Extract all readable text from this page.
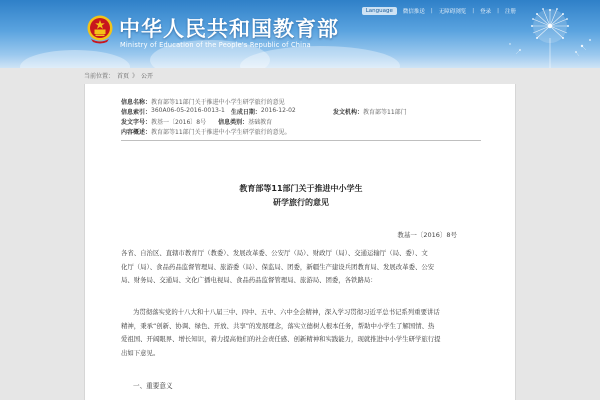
中华人民共和国教育部
Ministry of Education of the People's Republic of China
Language	微信推送 | 无障碍浏览 | 登录 | 注册
当前位置： 首页 》 公开
信息名称： 教育部等11部门关于推进中小学生研学旅行的意见
信息索引： 360A06-05-2016-0013-1 生成日期： 2016-12-02	发文机构： 教育部等11部门
发文字号： 教基一〔2016〕8号 信息类别： 基础教育
内容概述： 教育部等11部门关于推进中小学生研学旅行的意见。
教育部等11部门关于推进中小学生
研学旅行的意见
教基一〔2016〕8号
各省、自治区、直辖市教育厅（教委）、发展改革委、公安厅（局）、财政厅（局）、交通运输厅（局、委）、文
化厅（局）、食品药品监督管理局、旅游委（局）、保监局、团委，新疆生产建设兵团教育局、发展改革委、公安
局、财务局、交通局、文化广播电视局、食品药品监督管理局、旅游局、团委，各铁路局：
为贯彻落实党的十八大和十八届三中、四中、五中、六中全会精神，深入学习贯彻习近平总书记系列重要讲话
精神，秉承“创新、协调、绿色、开放、共享”的发展理念，落实立德树人根本任务，帮助中小学生了解国情、热
爱祖国、开阔眼界、增长知识，着力提高他们的社会责任感、创新精神和实践能力，现就推进中小学生研学旅行提
出如下意见。
一、重要意义
